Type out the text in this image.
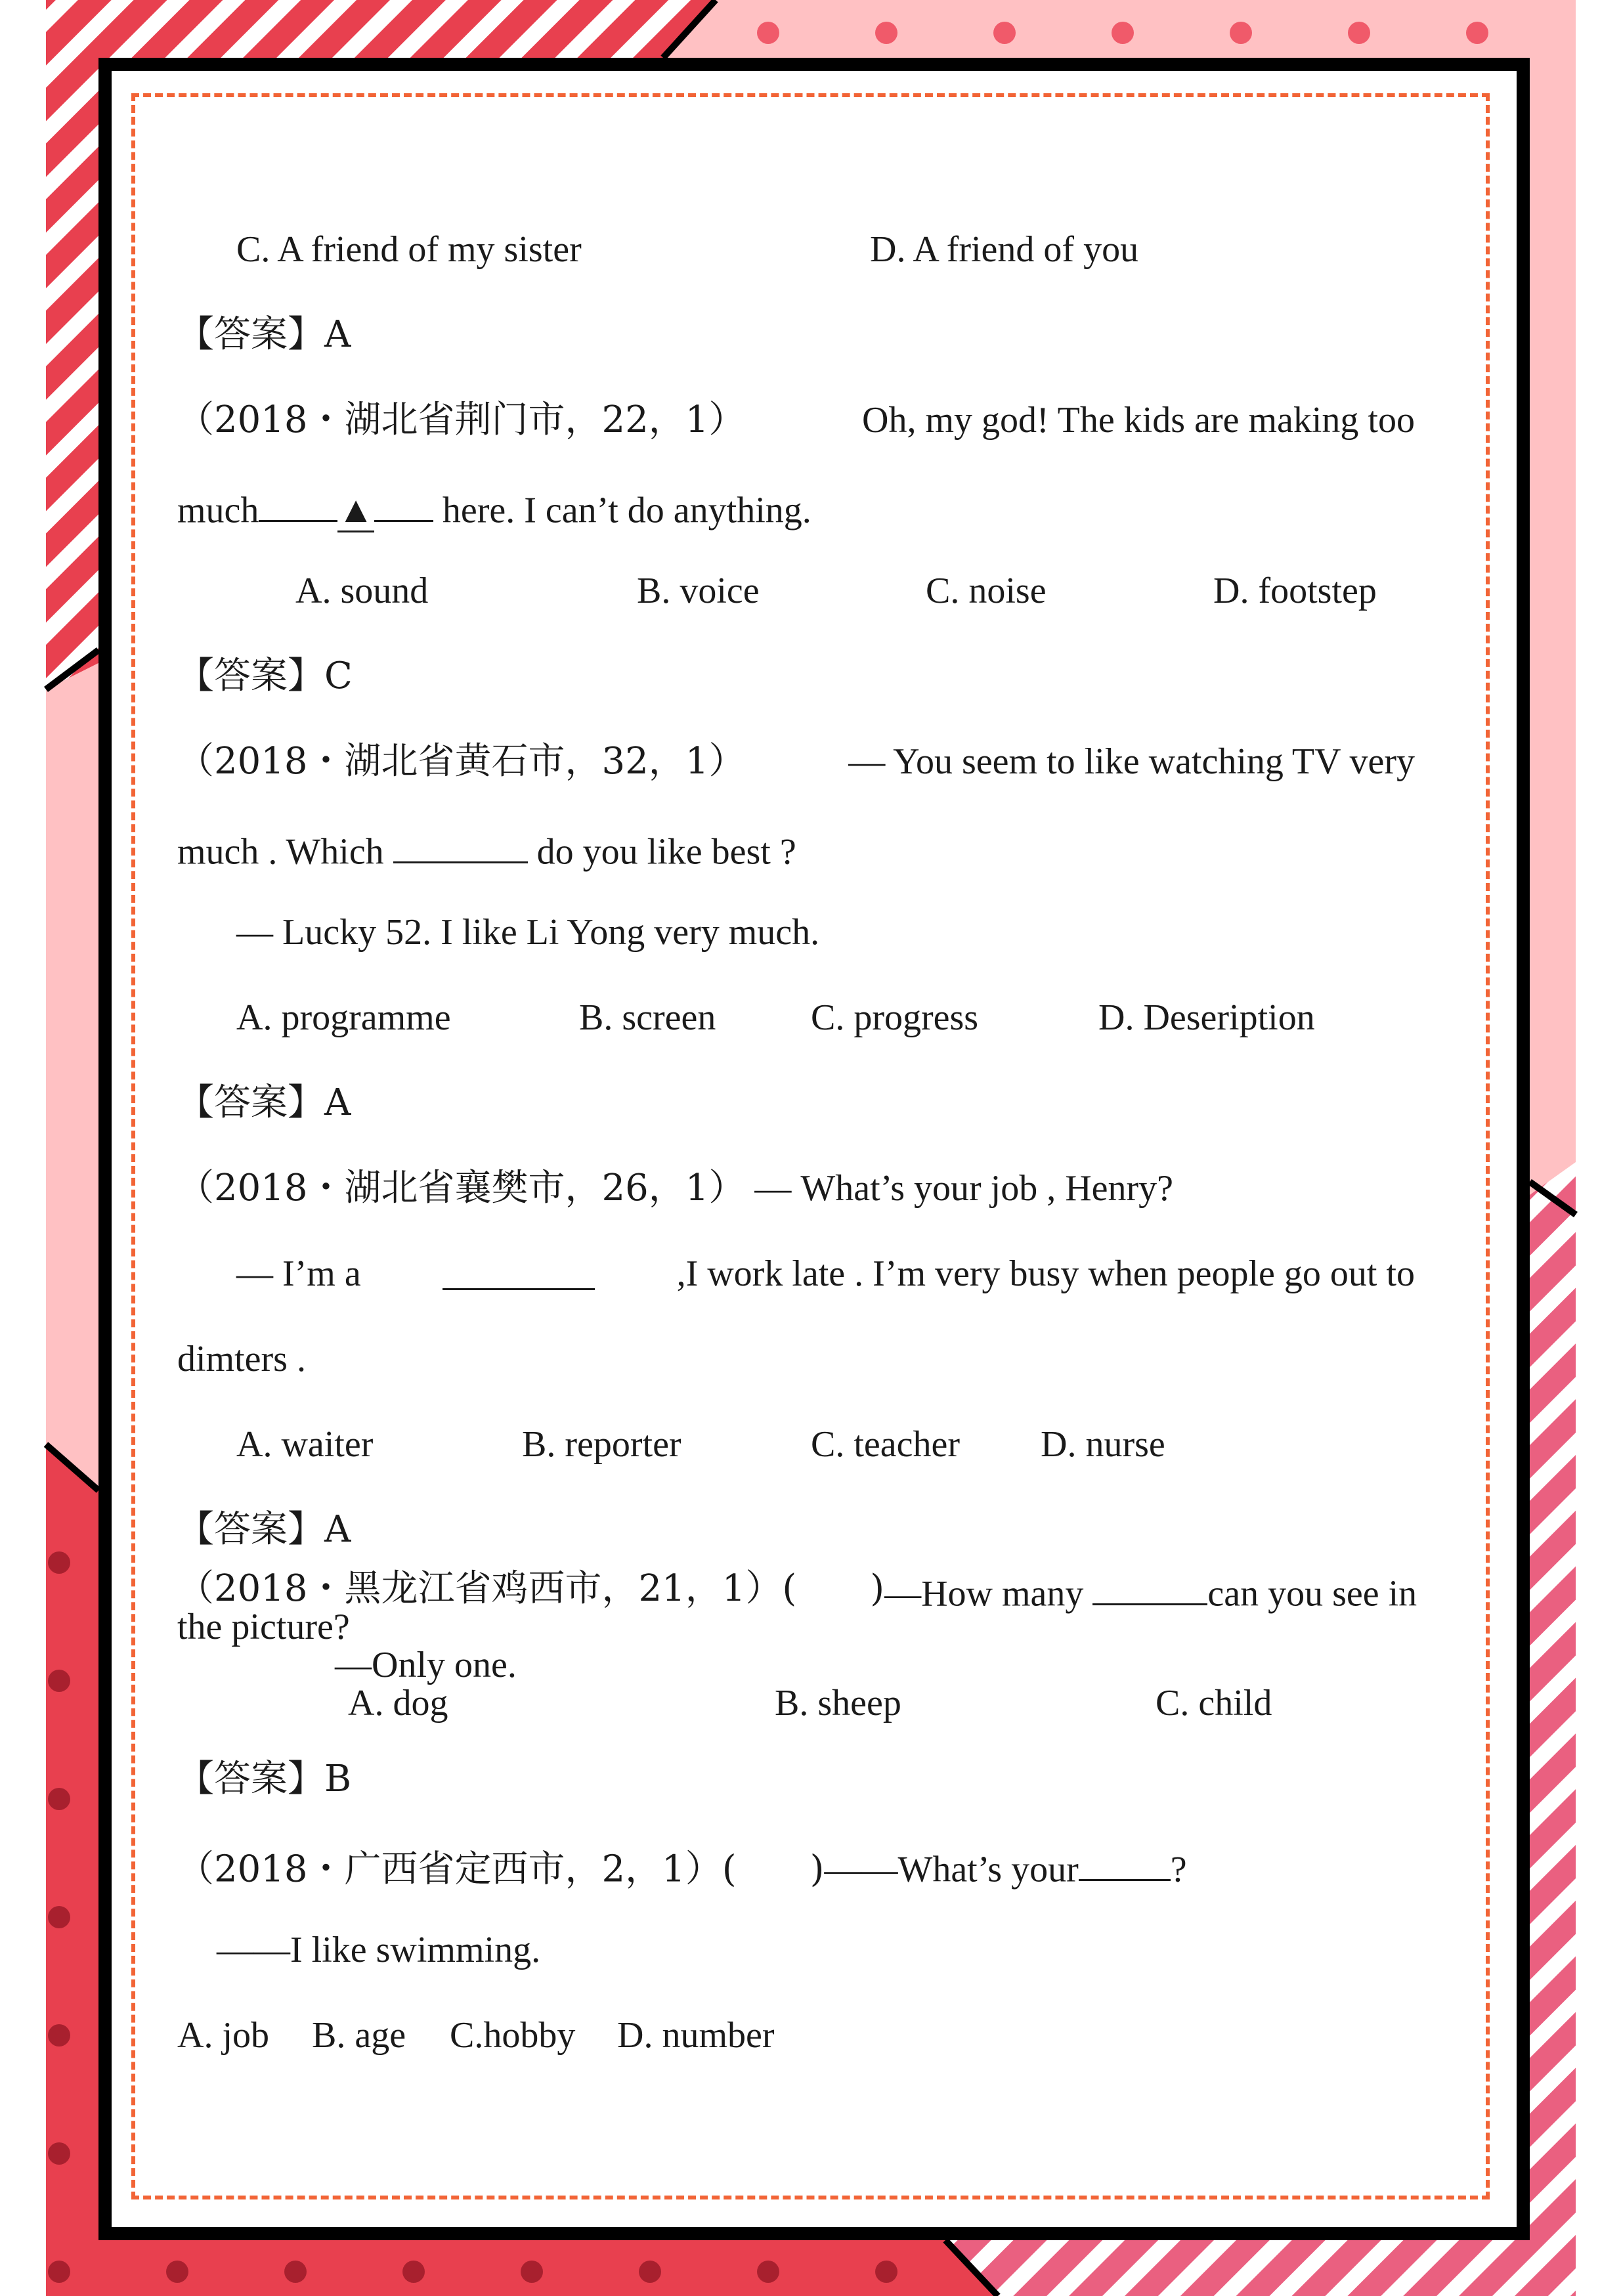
C. A friend of my sister	D. A friend of you
【答案】A
（2018・湖北省荆门市，22，1）	Oh, my god! The kids are making too
much ▲ here. I can’t do anything.
A. sound	B. voice	C. noise	D. footstep
【答案】C
（2018・湖北省黄石市，32，1）	— You seem to like watching TV very
much . Which	do you like best ?
— Lucky 52. I like Li Yong very much.
A. programme	B. screen	C. progress	D. Deseription
【答案】A
（2018・湖北省襄樊市，26，1） — What’s your job , Henry?
— I’m a	,I work late . I’m very busy when people go out to
dimters .
A. waiter	B. reporter	C. teacher D. nurse
【答案】A
（2018・黑龙江省鸡西市，21，1）(　　) —How many	can you see in
the picture?
—Only one.
A. dog	B. sheep	C. child
【答案】B
（2018・广西省定西市，2，1）(　　)——What’s your	?
——I like swimming.
A. job B. age C.hobby D. number
